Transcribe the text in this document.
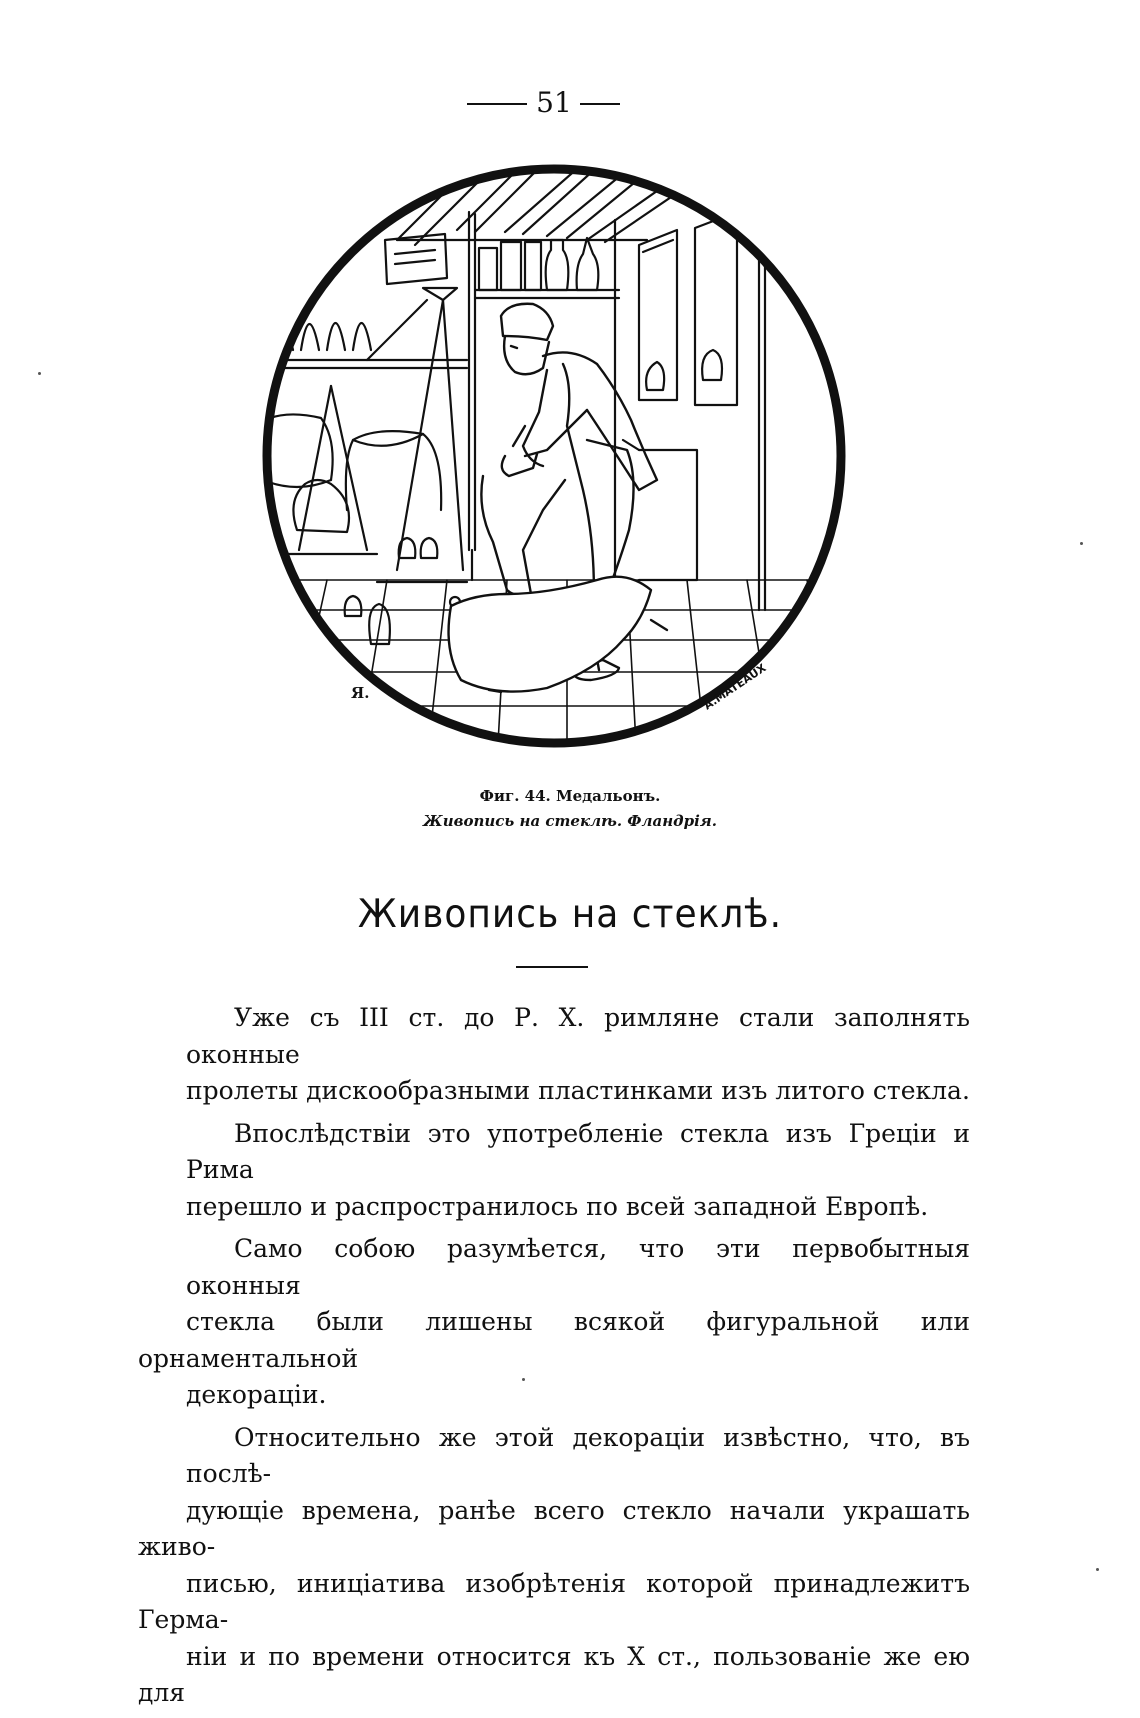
51
Я.	A.MATEAUX
Фиг. 44. Медальонъ.
Живопись на стеклѣ. Фландрія.
Живопись на стеклѣ.
Уже съ III ст. до Р. Х. римляне стали заполнять оконные
пролеты дискообразными пластинками изъ литого стекла.
Впослѣдствіи это употребленіе стекла изъ Греціи и Рима
перешло и распространилось по всей западной Европѣ.
Само собою разумѣется, что эти первобытныя оконныя
стекла были лишены всякой фигуральной или орнаментальной
декораціи.
Относительно же этой декораціи извѣстно, что, въ послѣ-
дующіе времена, ранѣе всего стекло начали украшать живо-
писью, иниціатива изобрѣтенія которой принадлежитъ Герма-
ніи и по времени относится къ Х ст., пользованіе же ею для
